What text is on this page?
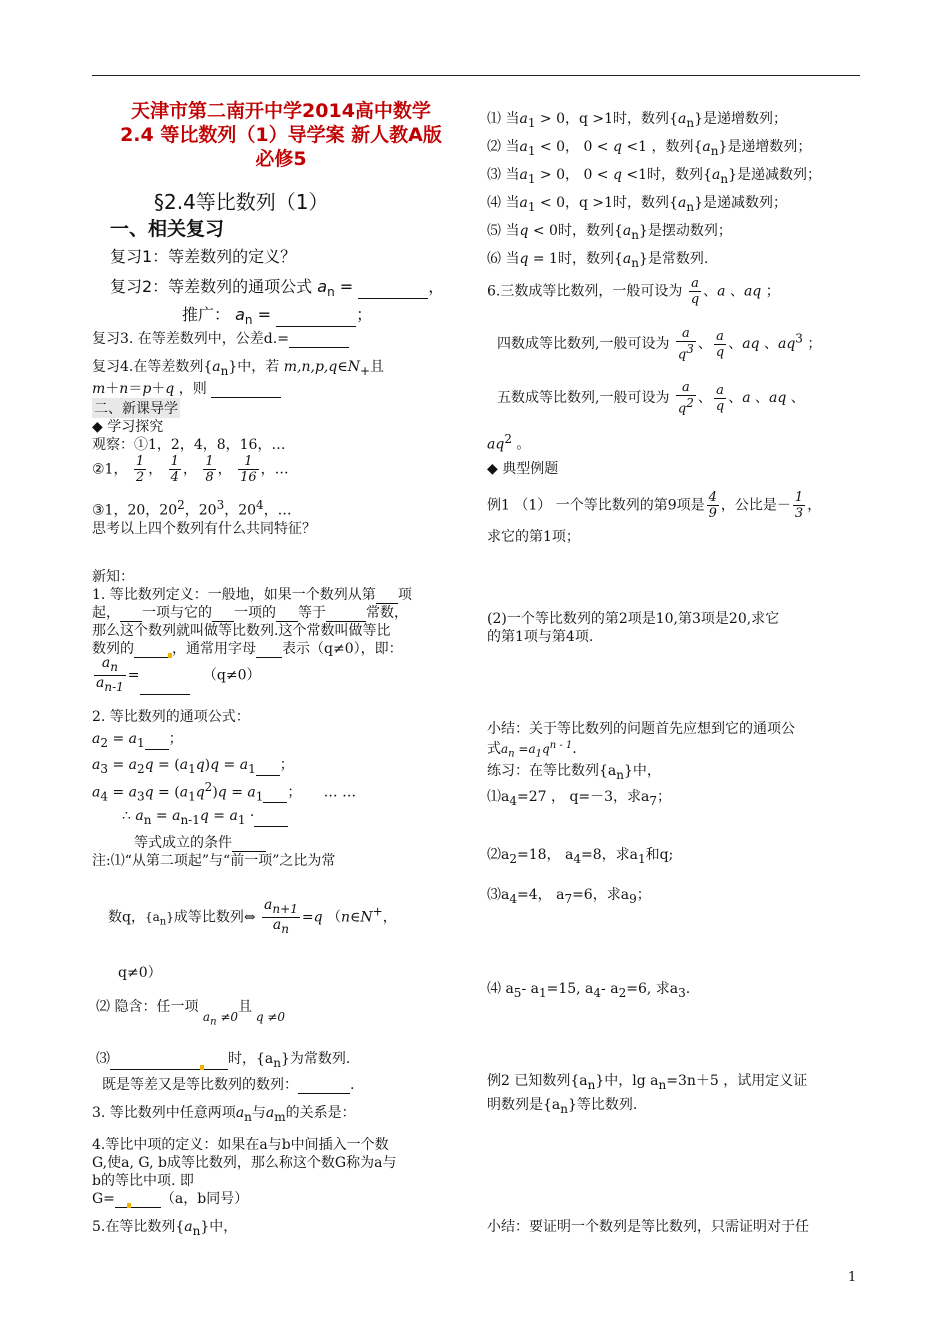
天津市第二南开中学2014高中数学
2.4 等比数列（1）导学案 新人教A版
必修5
§2.4等比数列（1）
一、相关复习
复习1：等差数列的定义？
复习2：等差数列的通项公式 $a_n$ =	，
推广： $a_n$ =	；
复习3. 在等差数列中，公差d.=
复习4.在等差数列$\{a_n\}$中，若 $m,n,p,q\in N_+$且
m＋n＝p＋q ，则
二、新课导学
◆ 学习探究
观察：①1，2，4，8，16，…
②1， $\frac{1}{2}$ ， $\frac{1}{4}$ ， $\frac{1}{8}$ ， $\frac{1}{16}$ ，…
③1，20，$20^2$，$20^3$，$20^4$，…
思考以上四个数列有什么共同特征？
新知：
1. 等比数列定义：一般地，如果一个数列从第 项
起， 一项与它的 一项的 等于	常数，
那么这个数列就叫做等比数列.这个常数叫做等比
数列的	，通常用字母 表示（q≠0），即：
$\frac{a_n}{a_{n-1}}$ =	（q≠0）
2. 等比数列的通项公式：
$a_2 = a_1$ ；
$a_3 = a_2q = (a_1q)q = a_1$ ；
$a_4 = a_3q = (a_1q^2)q = a_1$ ；     … …
∴ $a_n = a_{n-1}q = a_1$ ·
等式成立的条件
注:⑴“从第二项起”与“前一项”之比为常
数q，$\{a_n\}$成等比数列⇔ $\frac{a_{n+1}}{a_n} =q$ （n∈N+，
q≠0）
⑵ 隐含：任一项 $a_n \ne 0$且 q ≠0
⑶	时，$\{a_n\}$为常数列.
既是等差又是等比数列的数列：	.
3. 等比数列中任意两项$a_n$与$a_m$的关系是：
4.等比中项的定义：如果在a与b中间插入一个数
G,使a, G, b成等比数列，那么称这个数G称为a与
b的等比中项. 即
G=	（a，b同号）
5.在等比数列$\{a_n\}$中，
⑴ 当$a_1 > 0$，q >1时，数列$\{a_n\}$是递增数列；
⑵ 当$a_1 < 0$， 0 < q <1 ，数列$\{a_n\}$是递增数列；
⑶ 当$a_1 > 0$， 0 < q <1时，数列$\{a_n\}$是递减数列；
⑷ 当$a_1 < 0$，q >1时，数列$\{a_n\}$是递减数列；
⑸ 当q < 0时，数列$\{a_n\}$是摆动数列；
⑹ 当q = 1时，数列$\{a_n\}$是常数列.
6.三数成等比数列，一般可设为 $\frac{a}{q}$ 、a 、aq ；
四数成等比数列,一般可设为 $\frac{a}{q^3}$ 、 $\frac{a}{q}$ 、aq 、$aq^3$ ；
五数成等比数列,一般可设为 $\frac{a}{q^2}$ 、 $\frac{a}{q}$ 、a 、aq 、
$aq^2$ 。
◆ 典型例题
例1 （1） 一个等比数列的第9项是 $\frac{4}{9}$ ，公比是－ $\frac{1}{3}$ ，
求它的第1项；
(2)一个等比数列的第2项是10,第3项是20,求它
的第1项与第4项.
小结：关于等比数列的问题首先应想到它的通项公
式$a_n =a_1q^{n - 1}$.
练习：在等比数列$\{a_n\}$中，
$⑴a_4=27$ ， q=－3，求$a_7$；
$⑵a_2=18$， $a_4=8$，求$a_1$和q;
$⑶a_4=4$， $a_7=6$，求$a_9$；
⑷ $a_5-$ $a_1=15$, $a_4-$ $a_2=6$, 求$a_3$.
例2 已知数列$\{a_n\}$中，$\lg a_n=3n+5$ ，试用定义证
明数列是$\{a_n\}$等比数列.
小结：要证明一个数列是等比数列，只需证明对于任
1
